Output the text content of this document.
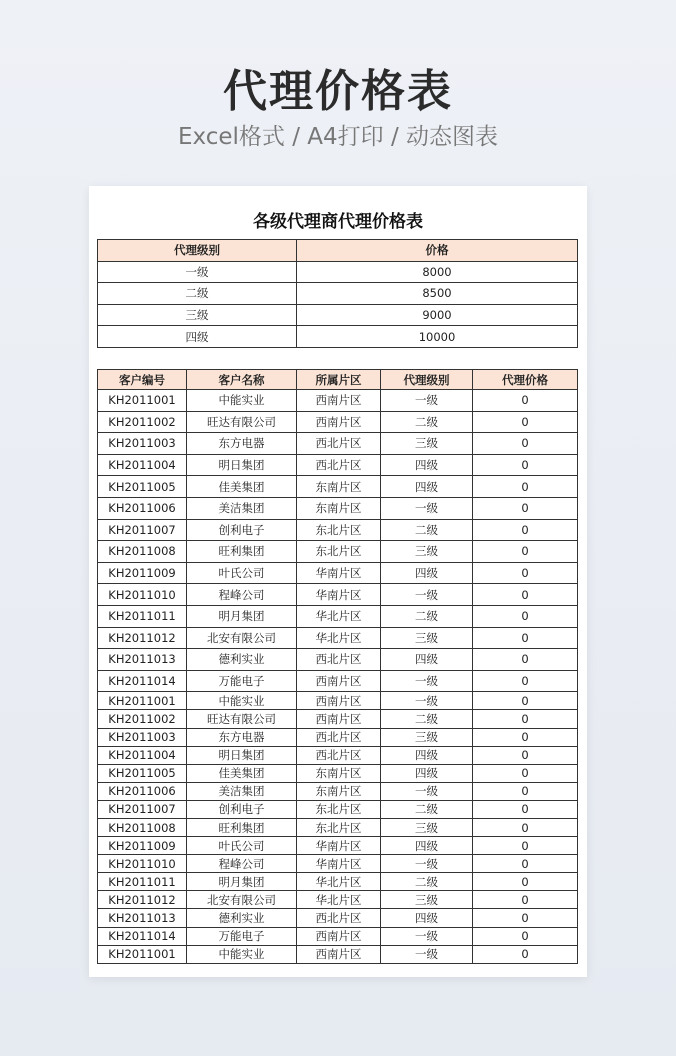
代理价格表
Excel格式 / A4打印 / 动态图表
各级代理商代理价格表
代理级别	价格
一级	8000
二级	8500
三级	9000
四级	10000
客户编号	客户名称	所属片区	代理级别	代理价格
KH2011001	中能实业	西南片区	一级	0
KH2011002	旺达有限公司	西南片区	二级	0
KH2011003	东方电器	西北片区	三级	0
KH2011004	明日集团	西北片区	四级	0
KH2011005	佳美集团	东南片区	四级	0
KH2011006	美洁集团	东南片区	一级	0
KH2011007	创利电子	东北片区	二级	0
KH2011008	旺利集团	东北片区	三级	0
KH2011009	叶氏公司	华南片区	四级	0
KH2011010	程峰公司	华南片区	一级	0
KH2011011	明月集团	华北片区	二级	0
KH2011012	北安有限公司	华北片区	三级	0
KH2011013	德利实业	西北片区	四级	0
KH2011014	万能电子	西南片区	一级	0
KH2011001	中能实业	西南片区	一级	0
KH2011002	旺达有限公司	西南片区	二级	0
KH2011003	东方电器	西北片区	三级	0
KH2011004	明日集团	西北片区	四级	0
KH2011005	佳美集团	东南片区	四级	0
KH2011006	美洁集团	东南片区	一级	0
KH2011007	创利电子	东北片区	二级	0
KH2011008	旺利集团	东北片区	三级	0
KH2011009	叶氏公司	华南片区	四级	0
KH2011010	程峰公司	华南片区	一级	0
KH2011011	明月集团	华北片区	二级	0
KH2011012	北安有限公司	华北片区	三级	0
KH2011013	德利实业	西北片区	四级	0
KH2011014	万能电子	西南片区	一级	0
KH2011001	中能实业	西南片区	一级	0
